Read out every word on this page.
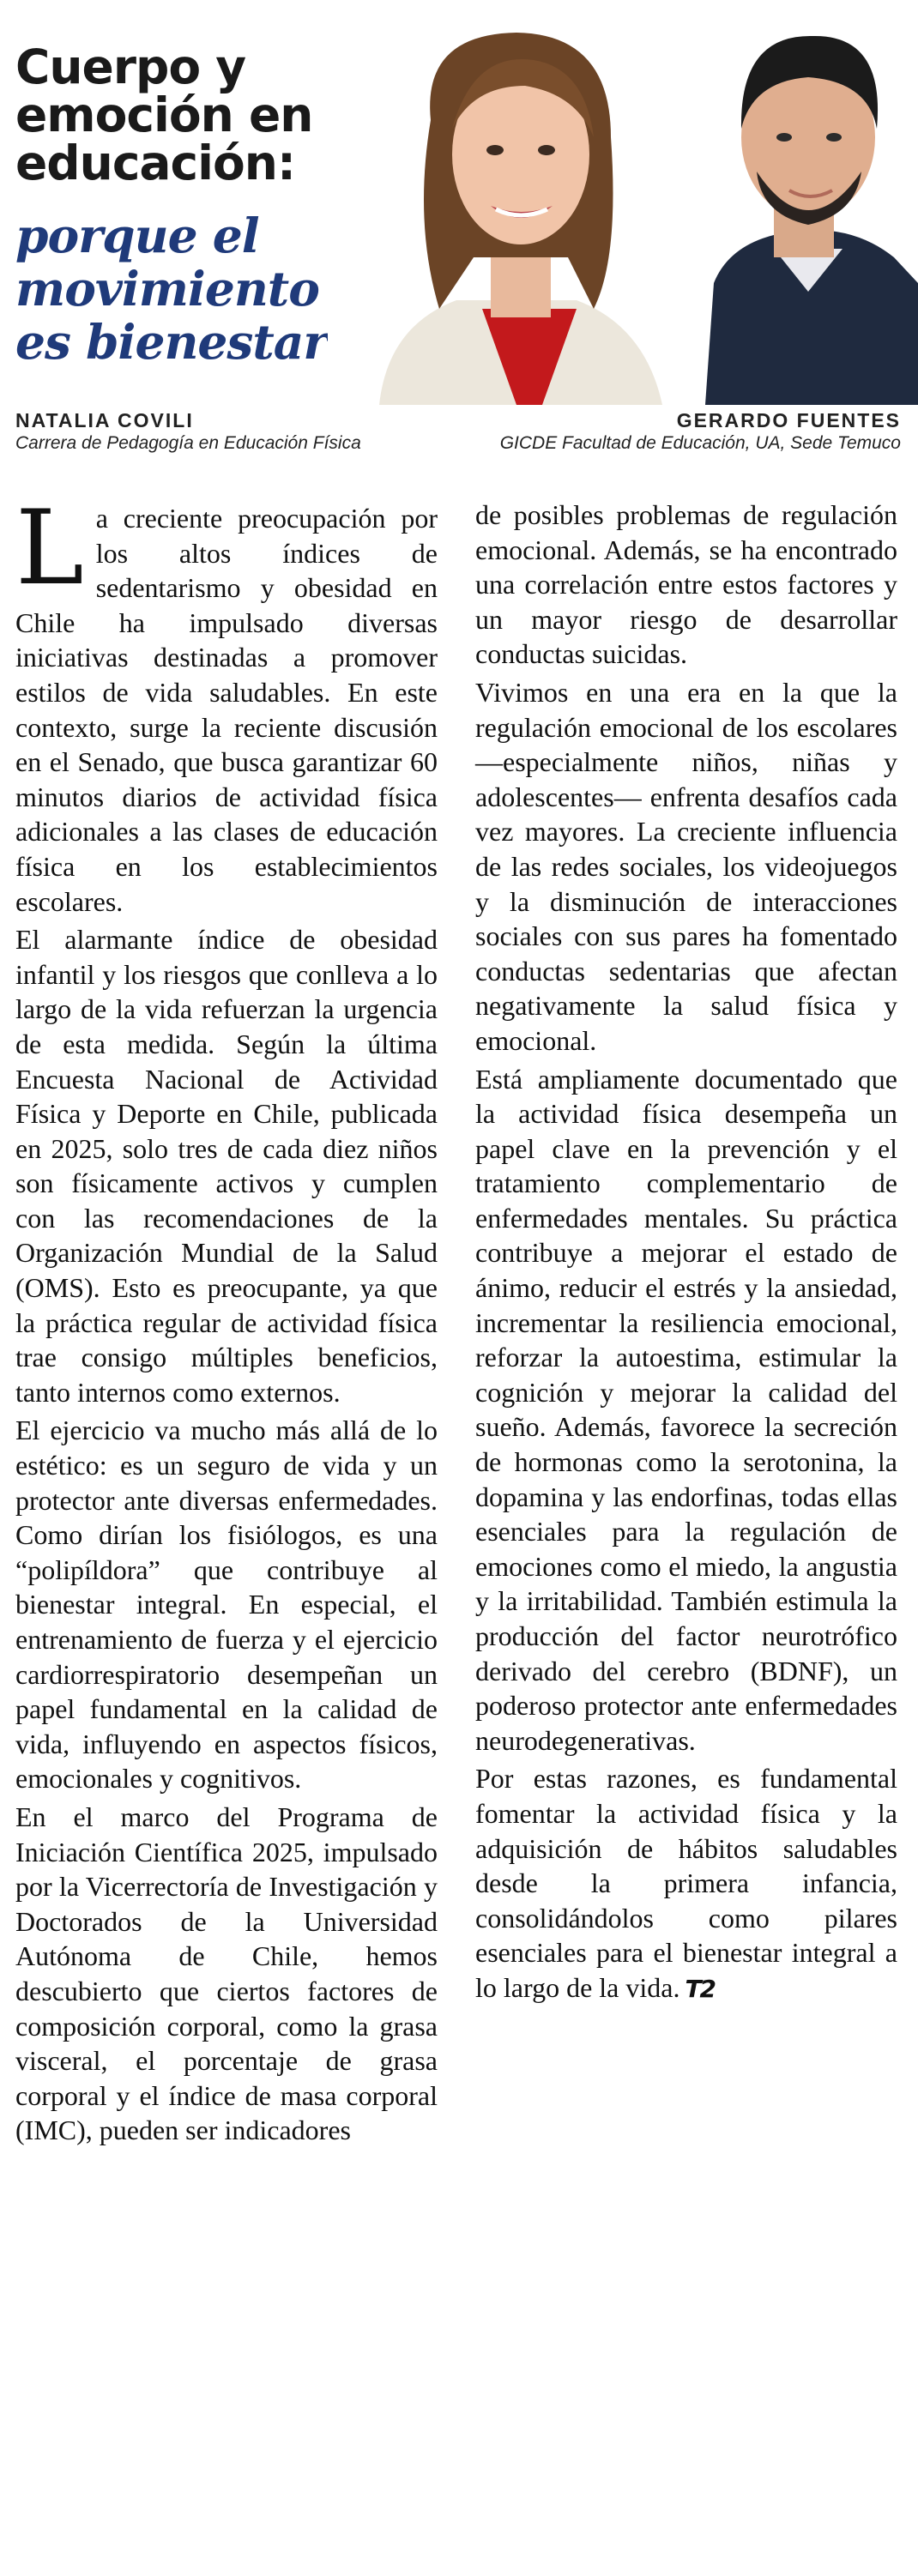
Cuerpo y
emoción en
educación:
porque el
movimiento
es bienestar
NATALIA COVILI
Carrera de Pedagogía en Educación Física
GERARDO FUENTES
GICDE Facultad de Educación, UA, Sede Temuco

La creciente preocupación por los altos índices de sedentarismo y obesidad en Chile ha impulsado diversas iniciativas destinadas a promover estilos de vida saludables. En este contexto, surge la reciente discusión en el Senado, que busca garantizar 60 minutos diarios de actividad física adicionales a las clases de educación física en los establecimientos escolares.

El alarmante índice de obesidad infantil y los riesgos que conlleva a lo largo de la vida refuerzan la urgencia de esta medida. Según la última Encuesta Nacional de Actividad Física y Deporte en Chile, publicada en 2025, solo tres de cada diez niños son físicamente activos y cumplen con las recomendaciones de la Organización Mundial de la Salud (OMS). Esto es preocupante, ya que la práctica regular de actividad física trae consigo múltiples beneficios, tanto internos como externos.

El ejercicio va mucho más allá de lo estético: es un seguro de vida y un protector ante diversas enfermedades. Como dirían los fisiólogos, es una “polipíldora” que contribuye al bienestar integral. En especial, el entrenamiento de fuerza y el ejercicio cardiorrespiratorio desempeñan un papel fundamental en la calidad de vida, influyendo en aspectos físicos, emocionales y cognitivos.

En el marco del Programa de Iniciación Científica 2025, impulsado por la Vicerrectoría de Investigación y Doctorados de la Universidad Autónoma de Chile, hemos descubierto que ciertos factores de composición corporal, como la grasa visceral, el porcentaje de grasa corporal y el índice de masa corporal (IMC), pueden ser indicadores

de posibles problemas de regulación emocional. Además, se ha encontrado una correlación entre estos factores y un mayor riesgo de desarrollar conductas suicidas.

Vivimos en una era en la que la regulación emocional de los escolares —especialmente niños, niñas y adolescentes— enfrenta desafíos cada vez mayores. La creciente influencia de las redes sociales, los videojuegos y la disminución de interacciones sociales con sus pares ha fomentado conductas sedentarias que afectan negativamente la salud física y emocional.

Está ampliamente documentado que la actividad física desempeña un papel clave en la prevención y el tratamiento complementario de enfermedades mentales. Su práctica contribuye a mejorar el estado de ánimo, reducir el estrés y la ansiedad, incrementar la resiliencia emocional, reforzar la autoestima, estimular la cognición y mejorar la calidad del sueño. Además, favorece la secreción de hormonas como la serotonina, la dopamina y las endorfinas, todas ellas esenciales para la regulación de emociones como el miedo, la angustia y la irritabilidad. También estimula la producción del factor neurotrófico derivado del cerebro (BDNF), un poderoso protector ante enfermedades neurodegenerativas.

Por estas razones, es fundamental fomentar la actividad física y la adquisición de hábitos saludables desde la primera infancia, consolidándolos como pilares esenciales para el bienestar integral a lo largo de la vida. T2
